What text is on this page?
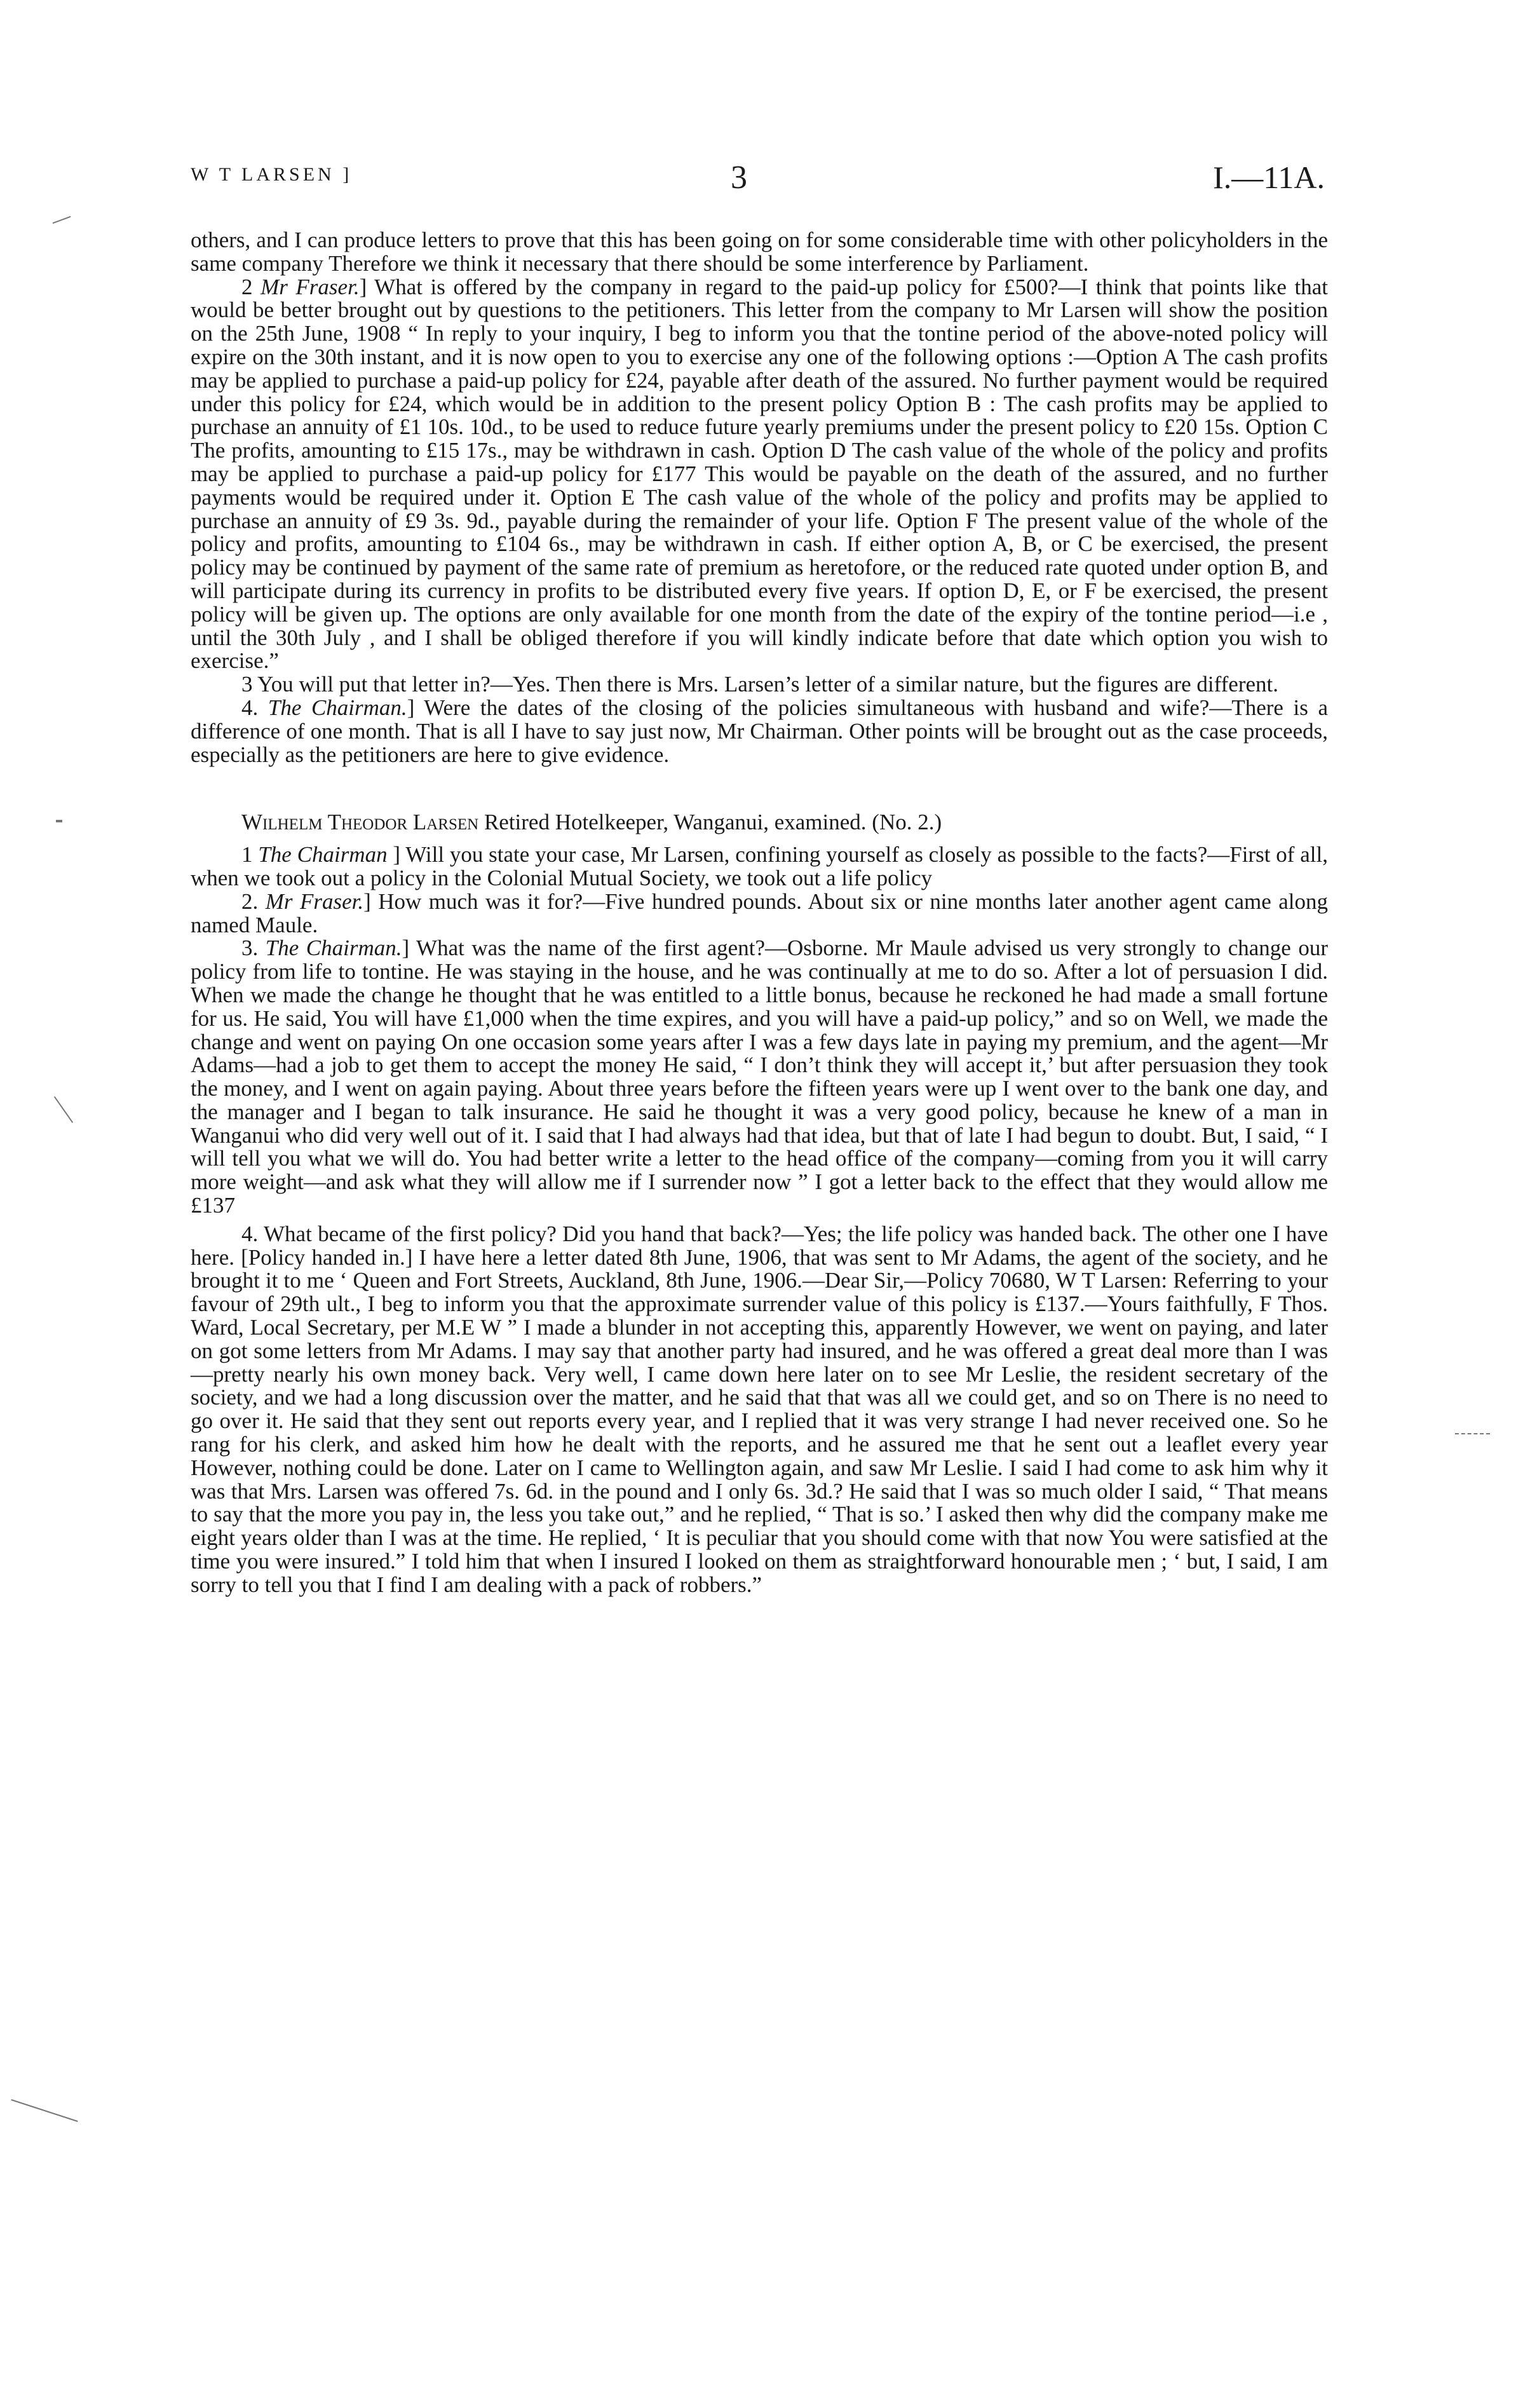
W T LARSEN ]	3	I.—11A.

others, and I can produce letters to prove that this has been going on for some considerable time with other policyholders in the same company Therefore we think it necessary that there should be some interference by Parliament.

2 Mr Fraser.] What is offered by the company in regard to the paid-up policy for £500?—I think that points like that would be better brought out by questions to the petitioners. This letter from the company to Mr Larsen will show the position on the 25th June, 1908 “ In reply to your inquiry, I beg to inform you that the tontine period of the above-noted policy will expire on the 30th instant, and it is now open to you to exercise any one of the following options :—Option A The cash profits may be applied to purchase a paid-up policy for £24, payable after death of the assured. No further payment would be required under this policy for £24, which would be in addition to the present policy Option B : The cash profits may be applied to purchase an annuity of £1 10s. 10d., to be used to reduce future yearly premiums under the present policy to £20 15s. Option C The profits, amounting to £15 17s., may be withdrawn in cash. Option D The cash value of the whole of the policy and profits may be applied to purchase a paid-up policy for £177 This would be payable on the death of the assured, and no further payments would be required under it. Option E The cash value of the whole of the policy and profits may be applied to purchase an annuity of £9 3s. 9d., payable during the remainder of your life. Option F The present value of the whole of the policy and profits, amounting to £104 6s., may be withdrawn in cash. If either option A, B, or C be exercised, the present policy may be continued by payment of the same rate of premium as heretofore, or the reduced rate quoted under option B, and will participate during its currency in profits to be distributed every five years. If option D, E, or F be exercised, the present policy will be given up. The options are only available for one month from the date of the expiry of the tontine period—i.e , until the 30th July , and I shall be obliged therefore if you will kindly indicate before that date which option you wish to exercise.”

3 You will put that letter in?—Yes. Then there is Mrs. Larsen’s letter of a similar nature, but the figures are different.

4. The Chairman.] Were the dates of the closing of the policies simultaneous with husband and wife?—There is a difference of one month. That is all I have to say just now, Mr Chairman. Other points will be brought out as the case proceeds, especially as the petitioners are here to give evidence.

Wilhelm Theodor Larsen Retired Hotelkeeper, Wanganui, examined. (No. 2.)

1 The Chairman ] Will you state your case, Mr Larsen, confining yourself as closely as possible to the facts?—First of all, when we took out a policy in the Colonial Mutual Society, we took out a life policy

2. Mr Fraser.] How much was it for?—Five hundred pounds. About six or nine months later another agent came along named Maule.

3. The Chairman.] What was the name of the first agent?—Osborne. Mr Maule advised us very strongly to change our policy from life to tontine. He was staying in the house, and he was continually at me to do so. After a lot of persuasion I did. When we made the change he thought that he was entitled to a little bonus, because he reckoned he had made a small fortune for us. He said, You will have £1,000 when the time expires, and you will have a paid-up policy,” and so on Well, we made the change and went on paying On one occasion some years after I was a few days late in paying my premium, and the agent—Mr Adams—had a job to get them to accept the money He said, “ I don’t think they will accept it,’ but after persuasion they took the money, and I went on again paying. About three years before the fifteen years were up I went over to the bank one day, and the manager and I began to talk insurance. He said he thought it was a very good policy, because he knew of a man in Wanganui who did very well out of it. I said that I had always had that idea, but that of late I had begun to doubt. But, I said, “ I will tell you what we will do. You had better write a letter to the head office of the company—coming from you it will carry more weight—and ask what they will allow me if I surrender now ” I got a letter back to the effect that they would allow me £137

4. What became of the first policy? Did you hand that back?—Yes; the life policy was handed back. The other one I have here. [Policy handed in.] I have here a letter dated 8th June, 1906, that was sent to Mr Adams, the agent of the society, and he brought it to me ‘ Queen and Fort Streets, Auckland, 8th June, 1906.—Dear Sir,—Policy 70680, W T Larsen: Referring to your favour of 29th ult., I beg to inform you that the approximate surrender value of this policy is £137.—Yours faithfully, F Thos. Ward, Local Secretary, per M.E W ” I made a blunder in not accepting this, apparently However, we went on paying, and later on got some letters from Mr Adams. I may say that another party had insured, and he was offered a great deal more than I was—pretty nearly his own money back. Very well, I came down here later on to see Mr Leslie, the resident secretary of the society, and we had a long discussion over the matter, and he said that that was all we could get, and so on There is no need to go over it. He said that they sent out reports every year, and I replied that it was very strange I had never received one. So he rang for his clerk, and asked him how he dealt with the reports, and he assured me that he sent out a leaflet every year However, nothing could be done. Later on I came to Wellington again, and saw Mr Leslie. I said I had come to ask him why it was that Mrs. Larsen was offered 7s. 6d. in the pound and I only 6s. 3d.? He said that I was so much older I said, “ That means to say that the more you pay in, the less you take out,” and he replied, “ That is so.’ I asked then why did the company make me eight years older than I was at the time. He replied, ‘ It is peculiar that you should come with that now You were satisfied at the time you were insured.” I told him that when I insured I looked on them as straightforward honourable men ; ‘ but, I said, I am sorry to tell you that I find I am dealing with a pack of robbers.”
